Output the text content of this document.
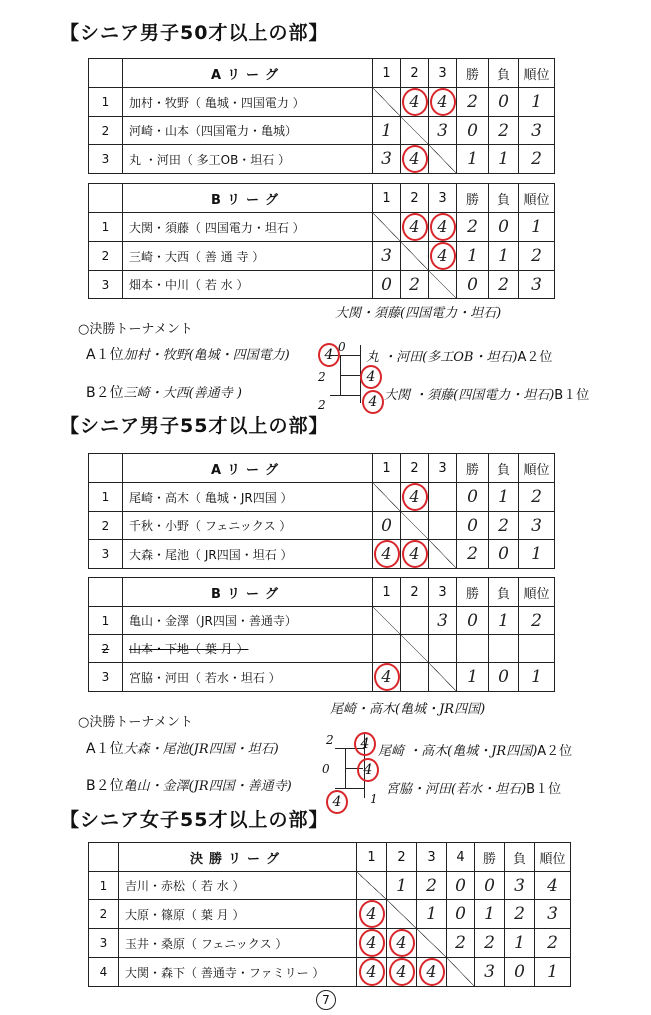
【シニア男子50才以上の部】
	Aリーグ	1	2	3	勝	負	順位
1	加村・牧野（ 亀城・四国電力 ）		4	4	2	0	1
2	河崎・山本（四国電力・亀城）	1		3	0	2	3
3	丸 ・河田（ 多工OB・坦石 ）	3	4		1	1	2
	Bリーグ	1	2	3	勝	負	順位
1	大関・須藤（ 四国電力・坦石 ）		4	4	2	0	1
2	三崎・大西（ 善 通 寺 ）	3		4	1	1	2
3	畑本・中川（ 若 水 ）	0	2		0	2	3
○決勝トーナメント
大関・須藤(四国電力・坦石)
A１位加村・牧野(亀城・四国電力)
B２位三崎・大西(善通寺 )
丸 ・河田(多工OB・坦石)A２位
大関 ・須藤(四国電力・坦石)B１位
4 0
2
2
4
4
【シニア男子55才以上の部】
	Aリーグ	1	2	3	勝	負	順位
1	尾崎・高木（ 亀城・JR四国 ）		4		0	1	2
2	千秋・小野（ フェニックス ）	0			0	2	3
3	大森・尾池（ JR四国・坦石 ）	4	4		2	0	1
	Bリーグ	1	2	3	勝	負	順位
1	亀山・金澤（JR四国・善通寺）			3	0	1	2
2	山本・下地（ 葉 月 ）						
3	宮脇・河田（ 若水・坦石 ）	4			1	0	1
○決勝トーナメント
尾崎・高木(亀城・JR四国)
A１位大森・尾池(JR四国・坦石)
B２位亀山・金澤(JR四国・善通寺)
尾崎 ・高木(亀城・JR四国)A２位
宮脇・河田(若水・坦石)B１位
2	4
0
4
4
1
【シニア女子55才以上の部】
	決勝リーグ	1	2	3	4	勝	負	順位
1	吉川・赤松（ 若 水 ）		1	2	0	0	3	4
2	大原・篠原（ 葉 月 ）	4		1	0	1	2	3
3	玉井・桑原（ フェニックス ）	4	4		2	2	1	2
4	大関・森下（ 善通寺・ファミリー ）	4	4	4		3	0	1
7
